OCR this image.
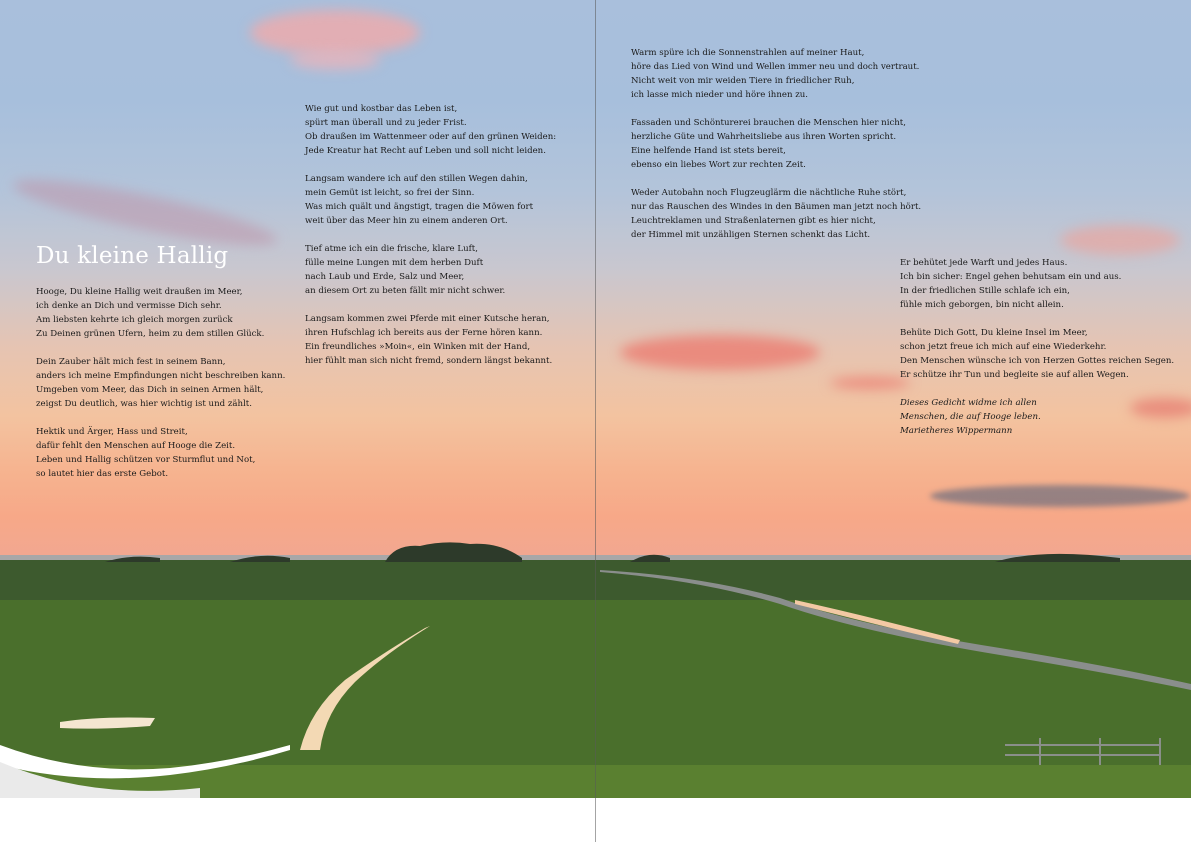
Du kleine Hallig

Hooge, Du kleine Hallig weit draußen im Meer,
ich denke an Dich und vermisse Dich sehr.
Am liebsten kehrte ich gleich morgen zurück
Zu Deinen grünen Ufern, heim zu dem stillen Glück.

Dein Zauber hält mich fest in seinem Bann,
anders ich meine Empfindungen nicht beschreiben kann.
Umgeben vom Meer, das Dich in seinen Armen hält,
zeigst Du deutlich, was hier wichtig ist und zählt.

Hektik und Ärger, Hass und Streit,
dafür fehlt den Menschen auf Hooge die Zeit.
Leben und Hallig schützen vor Sturmflut und Not,
so lautet hier das erste Gebot.

Wie gut und kostbar das Leben ist,
spürt man überall und zu jeder Frist.
Ob draußen im Wattenmeer oder auf den grünen Weiden:
Jede Kreatur hat Recht auf Leben und soll nicht leiden.

Langsam wandere ich auf den stillen Wegen dahin,
mein Gemüt ist leicht, so frei der Sinn.
Was mich quält und ängstigt, tragen die Möwen fort
weit über das Meer hin zu einem anderen Ort.

Tief atme ich ein die frische, klare Luft,
fülle meine Lungen mit dem herben Duft
nach Laub und Erde, Salz und Meer,
an diesem Ort zu beten fällt mir nicht schwer.

Langsam kommen zwei Pferde mit einer Kutsche heran,
ihren Hufschlag ich bereits aus der Ferne hören kann.
Ein freundliches »Moin«, ein Winken mit der Hand,
hier fühlt man sich nicht fremd, sondern längst bekannt.

Warm spüre ich die Sonnenstrahlen auf meiner Haut,
höre das Lied von Wind und Wellen immer neu und doch vertraut.
Nicht weit von mir weiden Tiere in friedlicher Ruh,
ich lasse mich nieder und höre ihnen zu.

Fassaden und Schönturerei brauchen die Menschen hier nicht,
herzliche Güte und Wahrheitsliebe aus ihren Worten spricht.
Eine helfende Hand ist stets bereit,
ebenso ein liebes Wort zur rechten Zeit.

Weder Autobahn noch Flugzeuglärm die nächtliche Ruhe stört,
nur das Rauschen des Windes in den Bäumen man jetzt noch hört.
Leuchtreklamen und Straßenlaternen gibt es hier nicht,
der Himmel mit unzähligen Sternen schenkt das Licht.

Er behütet jede Warft und jedes Haus.
Ich bin sicher: Engel gehen behutsam ein und aus.
In der friedlichen Stille schlafe ich ein,
fühle mich geborgen, bin nicht allein.

Behüte Dich Gott, Du kleine Insel im Meer,
schon jetzt freue ich mich auf eine Wiederkehr.
Den Menschen wünsche ich von Herzen Gottes reichen Segen.
Er schütze ihr Tun und begleite sie auf allen Wegen.

Dieses Gedicht widme ich allen
Menschen, die auf Hooge leben.
Marietheres Wippermann
